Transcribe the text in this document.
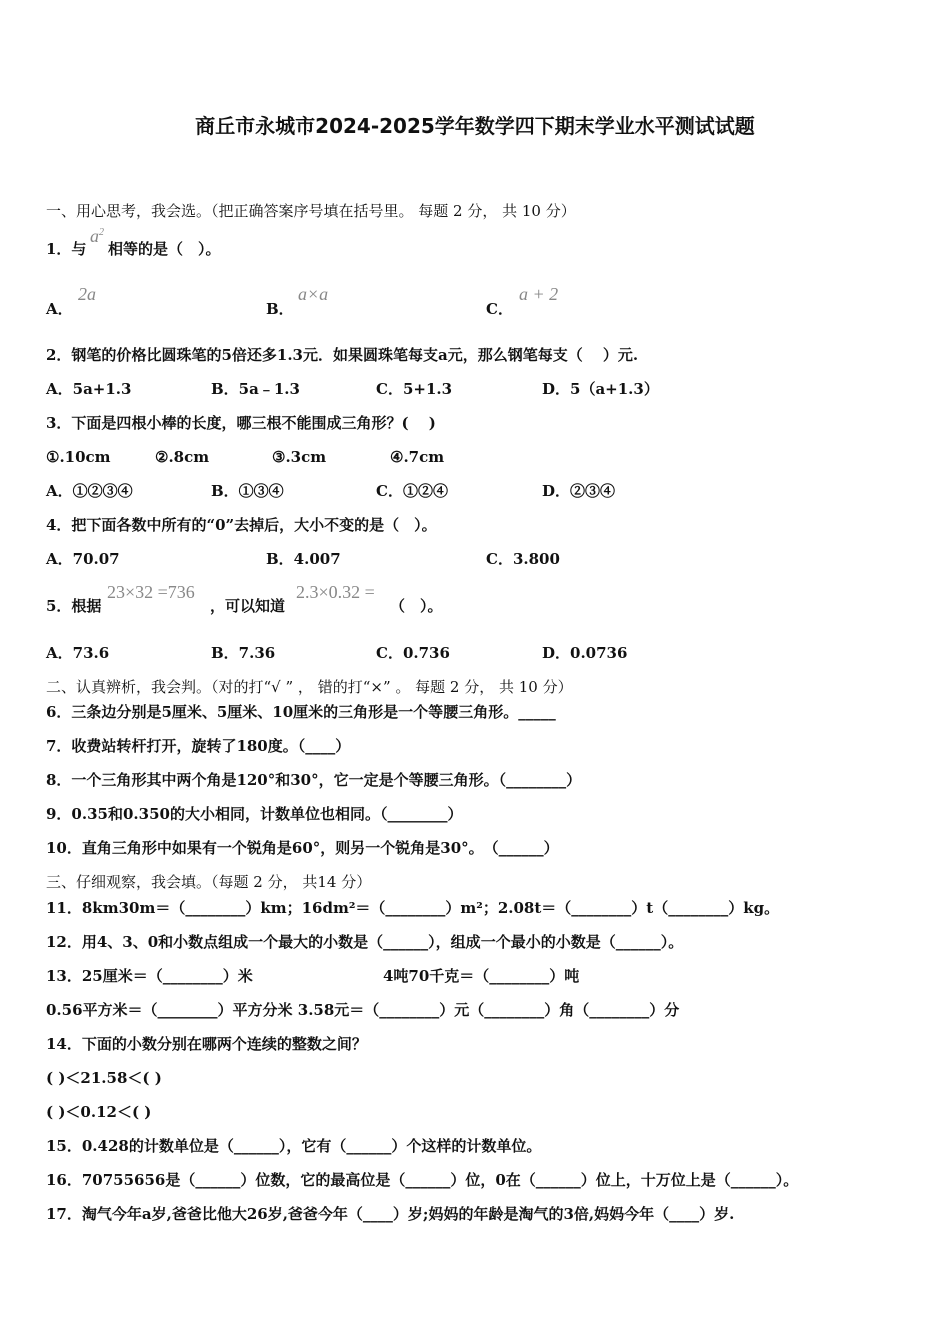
商丘市永城市2024-2025学年数学四下期末学业水平测试试题
一、用心思考，我会选。（把正确答案序号填在括号里。 每题 2 分， 共 10 分）
1．与
$a^2$
相等的是（　）。
A．
2a
B．
a×a
C．
a + 2
2．钢笔的价格比圆珠笔的5倍还多1.3元．如果圆珠笔每支a元，那么钢笔每支（　 ）元.
A．5a+1.3	B．5a﹣1.3	C．5+1.3	D．5（a+1.3）
3．下面是四根小棒的长度，哪三根不能围成三角形？(　 )
①.10cm	②.8cm	③.3cm	④.7cm
A．①②③④	B．①③④	C．①②④	D．②③④
4．把下面各数中所有的“0”去掉后，大小不变的是（　）。
A．70.07	B．4.007	C．3.800
5．根据
23×32 =736
，可以知道
2.3×0.32 =
（　）。
A．73.6	B．7.36	C．0.736	D．0.0736
二、认真辨析，我会判。（对的打“√ ” ， 错的打“×” 。 每题 2 分， 共 10 分）
6．三条边分别是5厘米、5厘米、10厘米的三角形是一个等腰三角形。_____
7．收费站转杆打开，旋转了180度。（____）
8．一个三角形其中两个角是120°和30°，它一定是个等腰三角形。（________）
9．0.35和0.350的大小相同，计数单位也相同。（________）
10．直角三角形中如果有一个锐角是60°，则另一个锐角是30°。　（______）
三、仔细观察，我会填。（每题 2 分， 共14 分）
11．8km30m＝（________）km；16dm²＝（________）m²；2.08t＝（________）t（________）kg。
12．用4、3、0和小数点组成一个最大的小数是（______），组成一个最小的小数是（______）。
13．25厘米＝（________）米	4吨70千克＝（________）吨
0.56平方米＝（________）平方分米 3.58元＝（________）元（________）角（________）分
14．下面的小数分别在哪两个连续的整数之间？
( )＜21.58＜( )
( )＜0.12＜( )
15．0.428的计数单位是（______），它有（______）个这样的计数单位。
16．70755656是（______）位数，它的最高位是（______）位，0在（______）位上，十万位上是（______）。
17．淘气今年a岁,爸爸比他大26岁,爸爸今年（____）岁;妈妈的年龄是淘气的3倍,妈妈今年（____）岁.
